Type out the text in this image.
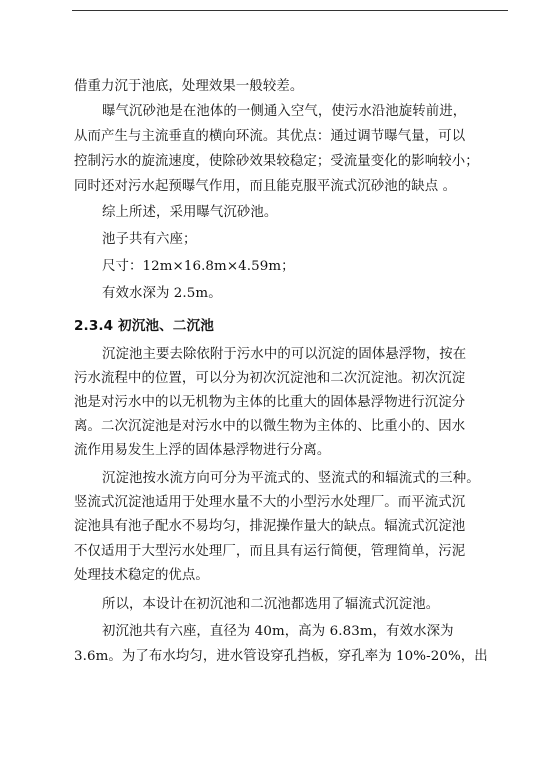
借重力沉于池底，处理效果一般较差。
曝气沉砂池是在池体的一侧通入空气，使污水沿池旋转前进，
从而产生与主流垂直的横向环流。其优点：通过调节曝气量，可以
控制污水的旋流速度，使除砂效果较稳定；受流量变化的影响较小；
同时还对污水起预曝气作用，而且能克服平流式沉砂池的缺点 。
综上所述，采用曝气沉砂池。
池子共有六座；
尺寸：12m×16.8m×4.59m；
有效水深为 2.5m。
2.3.4 初沉池、二沉池
沉淀池主要去除依附于污水中的可以沉淀的固体悬浮物，按在
污水流程中的位置，可以分为初次沉淀池和二次沉淀池。初次沉淀
池是对污水中的以无机物为主体的比重大的固体悬浮物进行沉淀分
离。二次沉淀池是对污水中的以微生物为主体的、比重小的、因水
流作用易发生上浮的固体悬浮物进行分离。
沉淀池按水流方向可分为平流式的、竖流式的和辐流式的三种。
竖流式沉淀池适用于处理水量不大的小型污水处理厂。而平流式沉
淀池具有池子配水不易均匀，排泥操作量大的缺点。辐流式沉淀池
不仅适用于大型污水处理厂，而且具有运行简便，管理简单，污泥
处理技术稳定的优点。
所以，本设计在初沉池和二沉池都选用了辐流式沉淀池。
初沉池共有六座，直径为 40m，高为 6.83m，有效水深为
3.6m。为了布水均匀，进水管设穿孔挡板，穿孔率为 10%-20%，出
